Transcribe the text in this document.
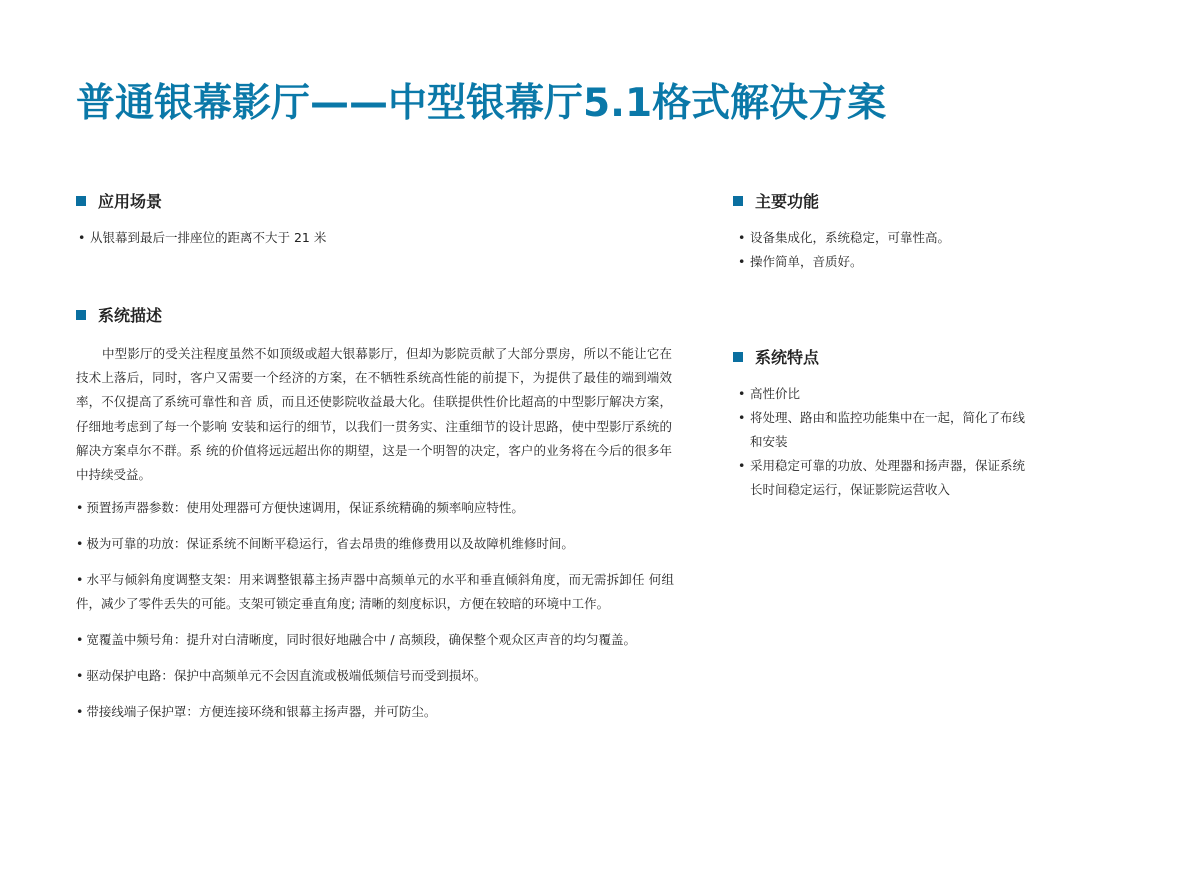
普通银幕影厅——中型银幕厅5.1格式解决方案
应用场景
• 从银幕到最后一排座位的距离不大于 21 米
系统描述

中型影厅的受关注程度虽然不如顶级或超大银幕影厅，但却为影院贡献了大部分票房，所以不能让它在技术上落后，同时，客户又需要一个经济的方案，在不牺牲系统高性能的前提下，为提供了最佳的端到端效率，不仅提高了系统可靠性和音 质，而且还使影院收益最大化。佳联提供性价比超高的中型影厅解决方案，仔细地考虑到了每一个影响 安装和运行的细节，以我们一贯务实、注重细节的设计思路，使中型影厅系统的解决方案卓尔不群。系 统的价值将远远超出你的期望，这是一个明智的决定，客户的业务将在今后的很多年中持续受益。

• 预置扬声器参数：使用处理器可方便快速调用，保证系统精确的频率响应特性。
• 极为可靠的功放：保证系统不间断平稳运行，省去昂贵的维修费用以及故障机维修时间。
• 水平与倾斜角度调整支架：用来调整银幕主扬声器中高频单元的水平和垂直倾斜角度，而无需拆卸任 何组件，减少了零件丢失的可能。支架可锁定垂直角度; 清晰的刻度标识，方便在较暗的环境中工作。
• 宽覆盖中频号角：提升对白清晰度，同时很好地融合中 / 高频段，确保整个观众区声音的均匀覆盖。
• 驱动保护电路：保护中高频单元不会因直流或极端低频信号而受到损坏。
• 带接线端子保护罩：方便连接环绕和银幕主扬声器，并可防尘。
主要功能
• 设备集成化，系统稳定，可靠性高。
• 操作简单，音质好。
系统特点
• 高性价比
• 将处理、路由和监控功能集中在一起，简化了布线和安装
• 采用稳定可靠的功放、处理器和扬声器，保证系统长时间稳定运行，保证影院运营收入
